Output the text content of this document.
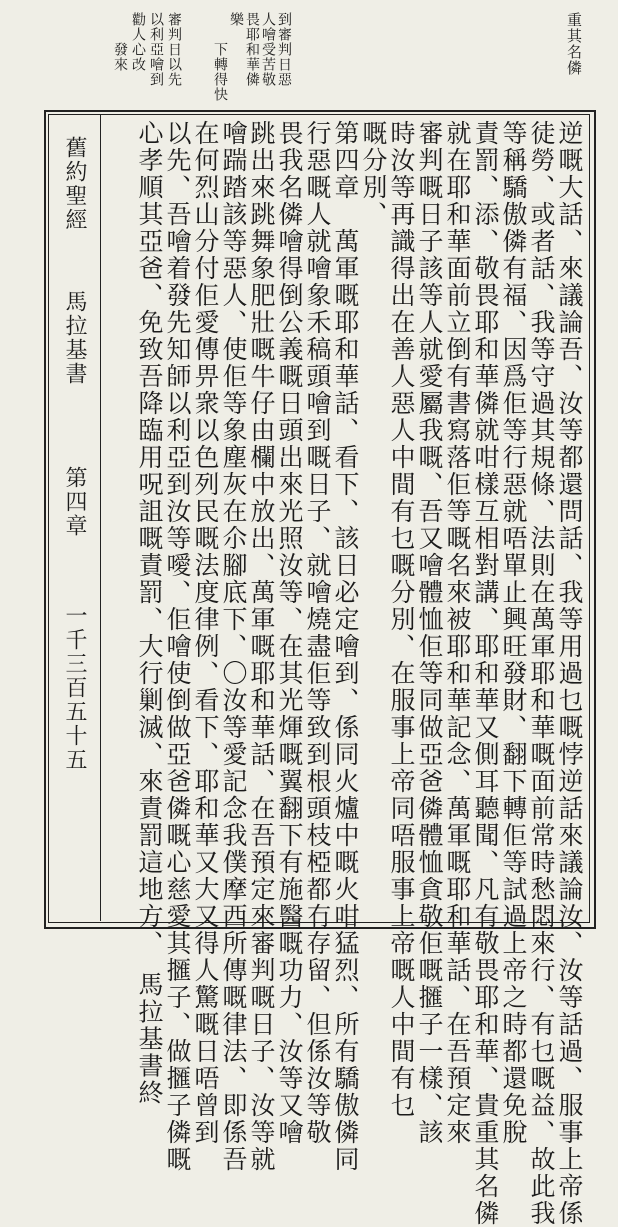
重其名僯
到審判日惡
人噲受苦敬
畏耶和華僯
樂
下轉得快
審判日以先
以利亞噲到
勸人心改
發來
逆嘅大話、來議論吾、汝等都還問話、我等用過乜嘅悖逆話來議論汝、汝等話過、服事上帝係
徒勞、或者話、我等守過其規條、法則在萬軍耶和華嘅面前常時愁悶來行、有乜嘅益、故此我
等稱驕傲僯有福、因爲佢等行惡就唔單止興旺發財、翻下轉佢等試過上帝之時都還免脫
責罰、添、敬畏耶和華僯就咁樣互相對講、耶和華又側耳聽聞、凡有敬畏耶和華、貴重其名僯
就在耶和華面前立倒有書寫落佢等嘅名來被耶和華記念、萬軍嘅耶和華話、在吾預定來
審判嘅日子該等人就愛屬我嘅、吾又噲體恤佢等同做亞爸僯體恤貪敬佢嘅擓子一樣、該
時汝等再識得出在善人惡人中間有乜嘅分別、在服事上帝同唔服事上帝嘅人中間有乜
嘅分別、
第四章　萬軍嘅耶和華話、看下、該日必定噲到、係同火爐中嘅火咁猛烈、所有驕傲僯同
行惡嘅人就噲象禾稿頭噲到嘅日子、就噲燒盡佢等致到根頭枝椏都冇存留、但係汝等敬
畏我名僯噲得倒公義嘅日頭出來光照汝等、在其光煇嘅翼翻下有施醫嘅功力、汝等又噲
跳出來跳舞象肥壯嘅牛仔由欄中放出、萬軍嘅耶和華話、在吾預定來審判嘅日子、汝等就
噲踹踏該等惡人、使佢等象塵灰在尒腳底下、〇汝等愛記念我僕摩西所傳嘅律法、即係吾
在何烈山分付佢愛傳畀衆以色列民嘅法度律例、看下、耶和華又大又得人驚嘅日唔曾到
以先、吾噲着發先知師以利亞到汝等噯、佢噲使倒做亞爸僯嘅心慈愛其擓子、做擓子僯嘅
心孝順其亞爸、免致吾降臨用呪詛嘅責罰、大行剿滅、來責罰這地方、　馬拉基書終
舊約聖經
馬拉基書
第四章
一千三百五十五
